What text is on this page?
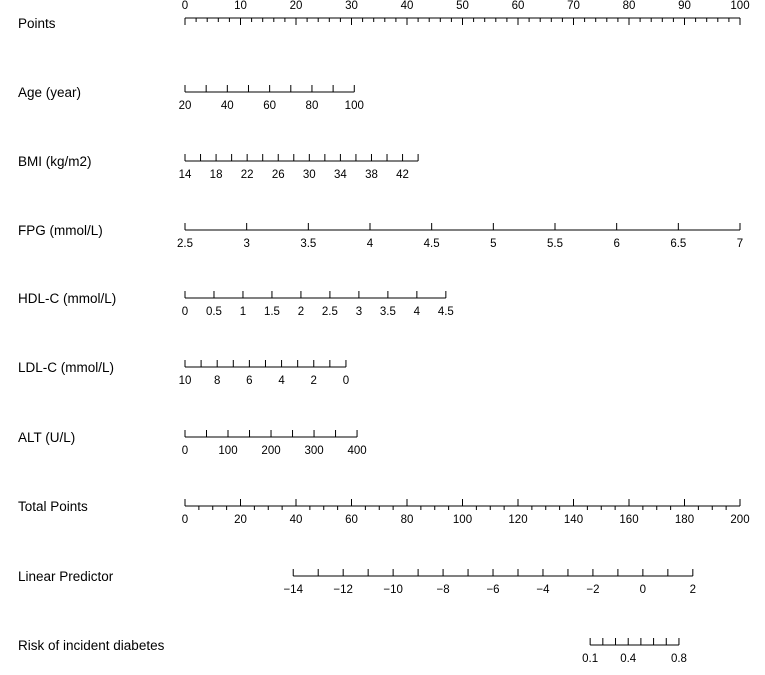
Points
0	10	20	30	40	50	60	70	80	90	100
Age (year)
20	40	60	80 100
BMI (kg/m2)
14 18 22 26 30 34 38 42
FPG (mmol/L)
2.5	3	3.5	4	4.5	5	5.5	6	6.5	7
HDL-C (mmol/L)
0 0.5 1 1.5 2 2.5 3 3.5 4 4.5
LDL-C (mmol/L)
10 8 6 4 2 0
ALT (U/L)
0	100 200 300 400
Total Points
0	20	40	60	80	100	120	140	160	180	200
Linear Predictor
−14	−12	−10	−8	−6	−4	−2	0	2
Risk of incident diabetes
0.1 0.4	0.8
